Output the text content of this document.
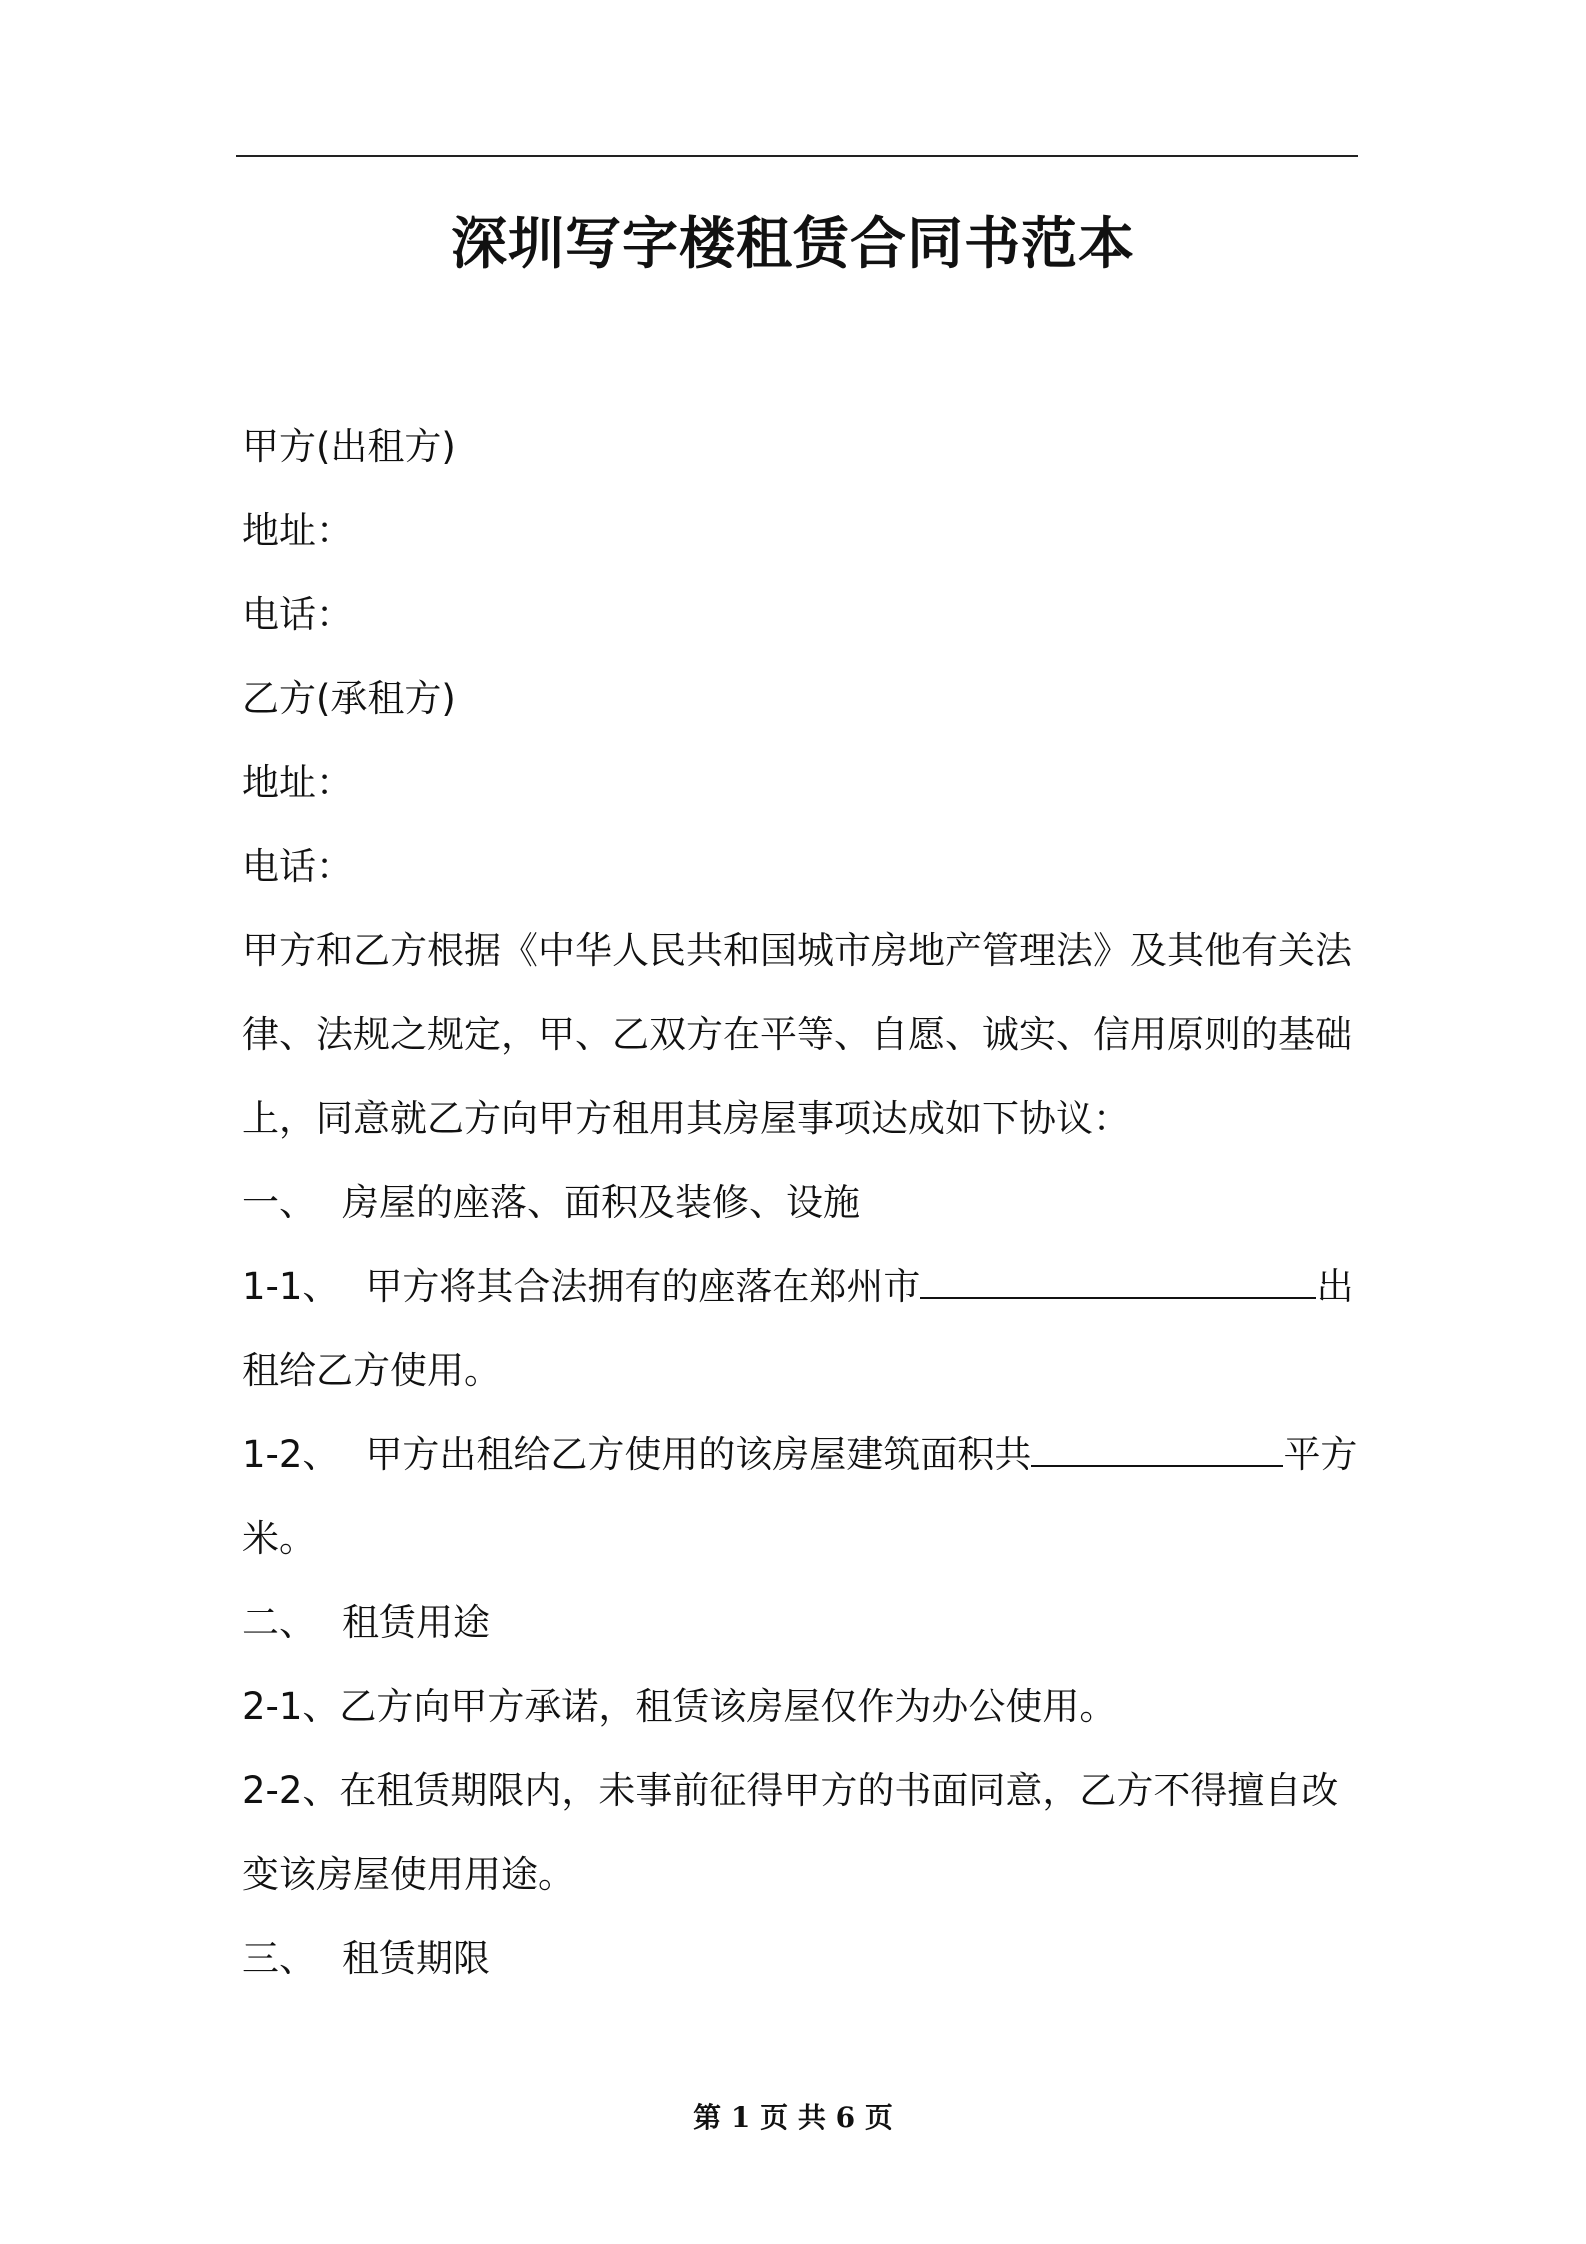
深圳写字楼租赁合同书范本
甲方(出租方)
地址：
电话：
乙方(承租方)
地址：
电话：
甲方和乙方根据《中华人民共和国城市房地产管理法》及其他有关法
律、法规之规定，甲、乙双方在平等、自愿、诚实、信用原则的基础
上，同意就乙方向甲方租用其房屋事项达成如下协议：
一、 房屋的座落、面积及装修、设施
1-1、 甲方将其合法拥有的座落在郑州市	出
租给乙方使用。
1-2、 甲方出租给乙方使用的该房屋建筑面积共	平方
米。
二、 租赁用途
2-1、乙方向甲方承诺，租赁该房屋仅作为办公使用。
2-2、在租赁期限内，未事前征得甲方的书面同意，乙方不得擅自改
变该房屋使用用途。
三、 租赁期限
第 1 页 共 6 页
